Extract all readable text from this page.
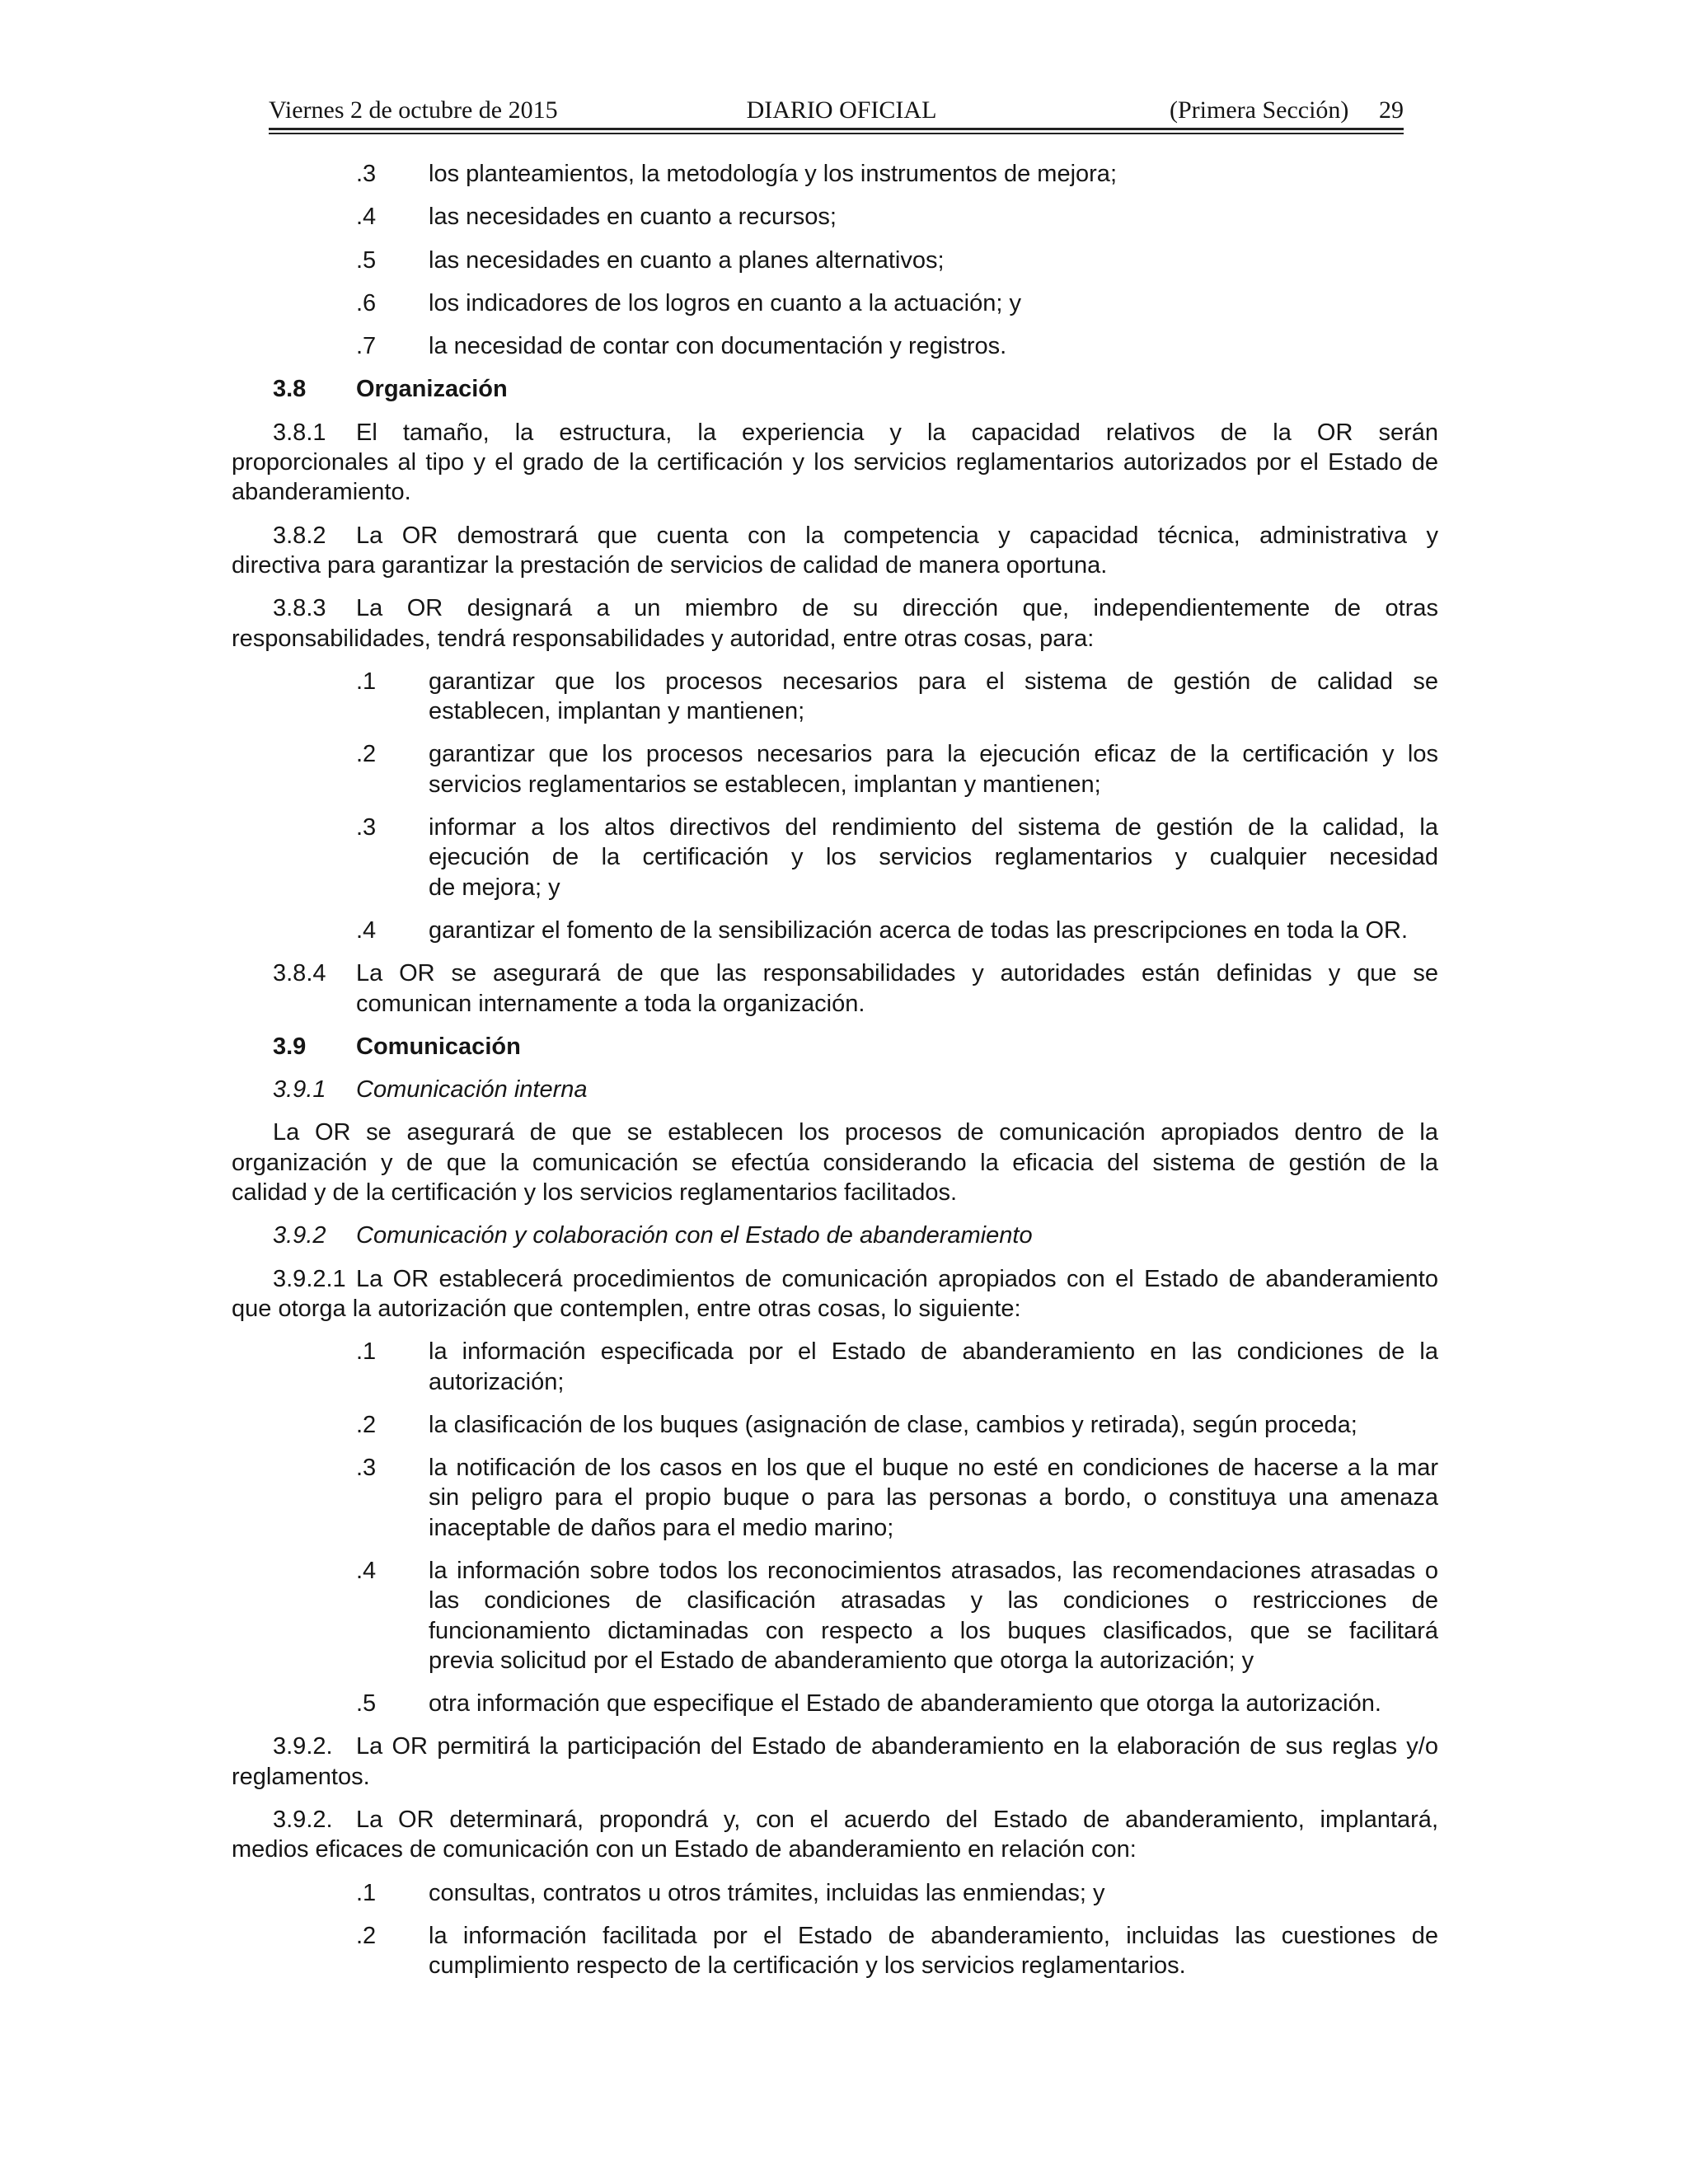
Viernes 2 de octubre de 2015	DIARIO OFICIAL	(Primera Sección) 29
.3	los planteamientos, la metodología y los instrumentos de mejora;
.4	las necesidades en cuanto a recursos;
.5	las necesidades en cuanto a planes alternativos;
.6	los indicadores de los logros en cuanto a la actuación; y
.7	la necesidad de contar con documentación y registros.
3.8	Organización
3.8.1	El tamaño, la estructura, la experiencia y la capacidad relativos de la OR serán
proporcionales al tipo y el grado de la certificación y los servicios reglamentarios autorizados por el Estado de
abanderamiento.
3.8.2	La OR demostrará que cuenta con la competencia y capacidad técnica, administrativa y
directiva para garantizar la prestación de servicios de calidad de manera oportuna.
3.8.3	La OR designará a un miembro de su dirección que, independientemente de otras
responsabilidades, tendrá responsabilidades y autoridad, entre otras cosas, para:
.1	garantizar que los procesos necesarios para el sistema de gestión de calidad se
establecen, implantan y mantienen;
.2	garantizar que los procesos necesarios para la ejecución eficaz de la certificación y los
servicios reglamentarios se establecen, implantan y mantienen;
.3	informar a los altos directivos del rendimiento del sistema de gestión de la calidad, la
ejecución de la certificación y los servicios reglamentarios y cualquier necesidad
de mejora; y
.4	garantizar el fomento de la sensibilización acerca de todas las prescripciones en toda la OR.
3.8.4	La OR se asegurará de que las responsabilidades y autoridades están definidas y que se
comunican internamente a toda la organización.
3.9	Comunicación
3.9.1	Comunicación interna
La OR se asegurará de que se establecen los procesos de comunicación apropiados dentro de la
organización y de que la comunicación se efectúa considerando la eficacia del sistema de gestión de la
calidad y de la certificación y los servicios reglamentarios facilitados.
3.9.2	Comunicación y colaboración con el Estado de abanderamiento
3.9.2.1 La OR establecerá procedimientos de comunicación apropiados con el Estado de abanderamiento
que otorga la autorización que contemplen, entre otras cosas, lo siguiente:
.1	la información especificada por el Estado de abanderamiento en las condiciones de la
autorización;
.2	la clasificación de los buques (asignación de clase, cambios y retirada), según proceda;
.3	la notificación de los casos en los que el buque no esté en condiciones de hacerse a la mar
sin peligro para el propio buque o para las personas a bordo, o constituya una amenaza
inaceptable de daños para el medio marino;
.4	la información sobre todos los reconocimientos atrasados, las recomendaciones atrasadas o
las condiciones de clasificación atrasadas y las condiciones o restricciones de
funcionamiento dictaminadas con respecto a los buques clasificados, que se facilitará
previa solicitud por el Estado de abanderamiento que otorga la autorización; y
.5	otra información que especifique el Estado de abanderamiento que otorga la autorización.
3.9.2. La OR permitirá la participación del Estado de abanderamiento en la elaboración de sus reglas y/o
reglamentos.
3.9.2. La OR determinará, propondrá y, con el acuerdo del Estado de abanderamiento, implantará,
medios eficaces de comunicación con un Estado de abanderamiento en relación con:
.1	consultas, contratos u otros trámites, incluidas las enmiendas; y
.2	la información facilitada por el Estado de abanderamiento, incluidas las cuestiones de
cumplimiento respecto de la certificación y los servicios reglamentarios.
